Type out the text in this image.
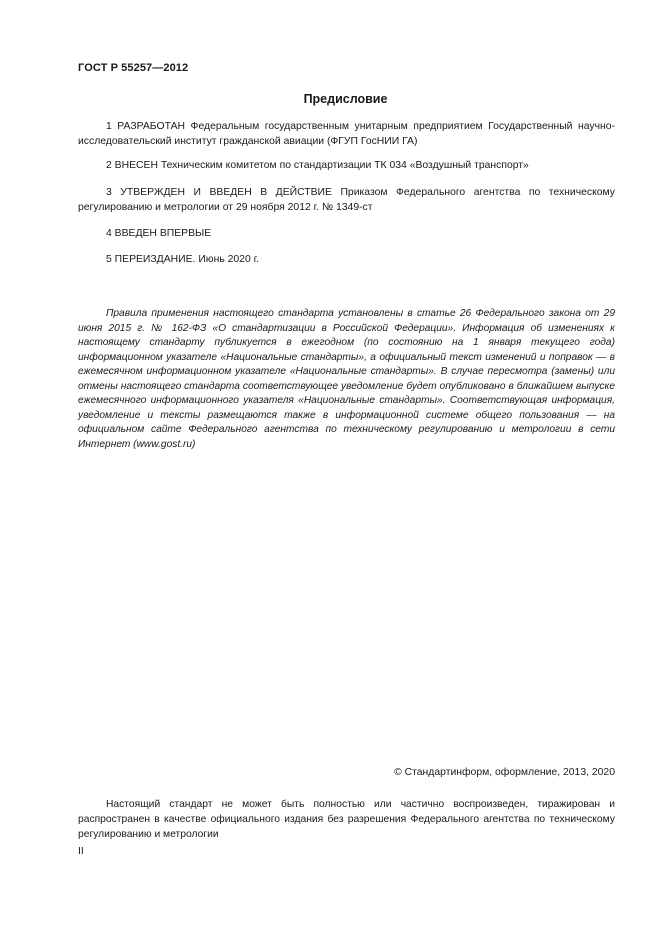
ГОСТ Р 55257—2012
Предисловие
1 РАЗРАБОТАН Федеральным государственным унитарным предприятием Государственный научно-исследовательский институт гражданской авиации (ФГУП ГосНИИ ГА)
2 ВНЕСЕН Техническим комитетом по стандартизации ТК 034 «Воздушный транспорт»
3 УТВЕРЖДЕН И ВВЕДЕН В ДЕЙСТВИЕ Приказом Федерального агентства по техническому регулированию и метрологии от 29 ноября 2012 г. № 1349-ст
4 ВВЕДЕН ВПЕРВЫЕ
5 ПЕРЕИЗДАНИЕ. Июнь 2020 г.
Правила применения настоящего стандарта установлены в статье 26 Федерального закона от 29 июня 2015 г. № 162-ФЗ «О стандартизации в Российской Федерации». Информация об изменениях к настоящему стандарту публикуется в ежегодном (по состоянию на 1 января текущего года) информационном указателе «Национальные стандарты», а официальный текст изменений и поправок — в ежемесячном информационном указателе «Национальные стандарты». В случае пересмотра (замены) или отмены настоящего стандарта соответствующее уведомление будет опубликовано в ближайшем выпуске ежемесячного информационного указателя «Национальные стандарты». Соответствующая информация, уведомление и тексты размещаются также в информационной системе общего пользования — на официальном сайте Федерального агентства по техническому регулированию и метрологии в сети Интернет (www.gost.ru)
© Стандартинформ, оформление, 2013, 2020
Настоящий стандарт не может быть полностью или частично воспроизведен, тиражирован и распространен в качестве официального издания без разрешения Федерального агентства по техническому регулированию и метрологии
II
